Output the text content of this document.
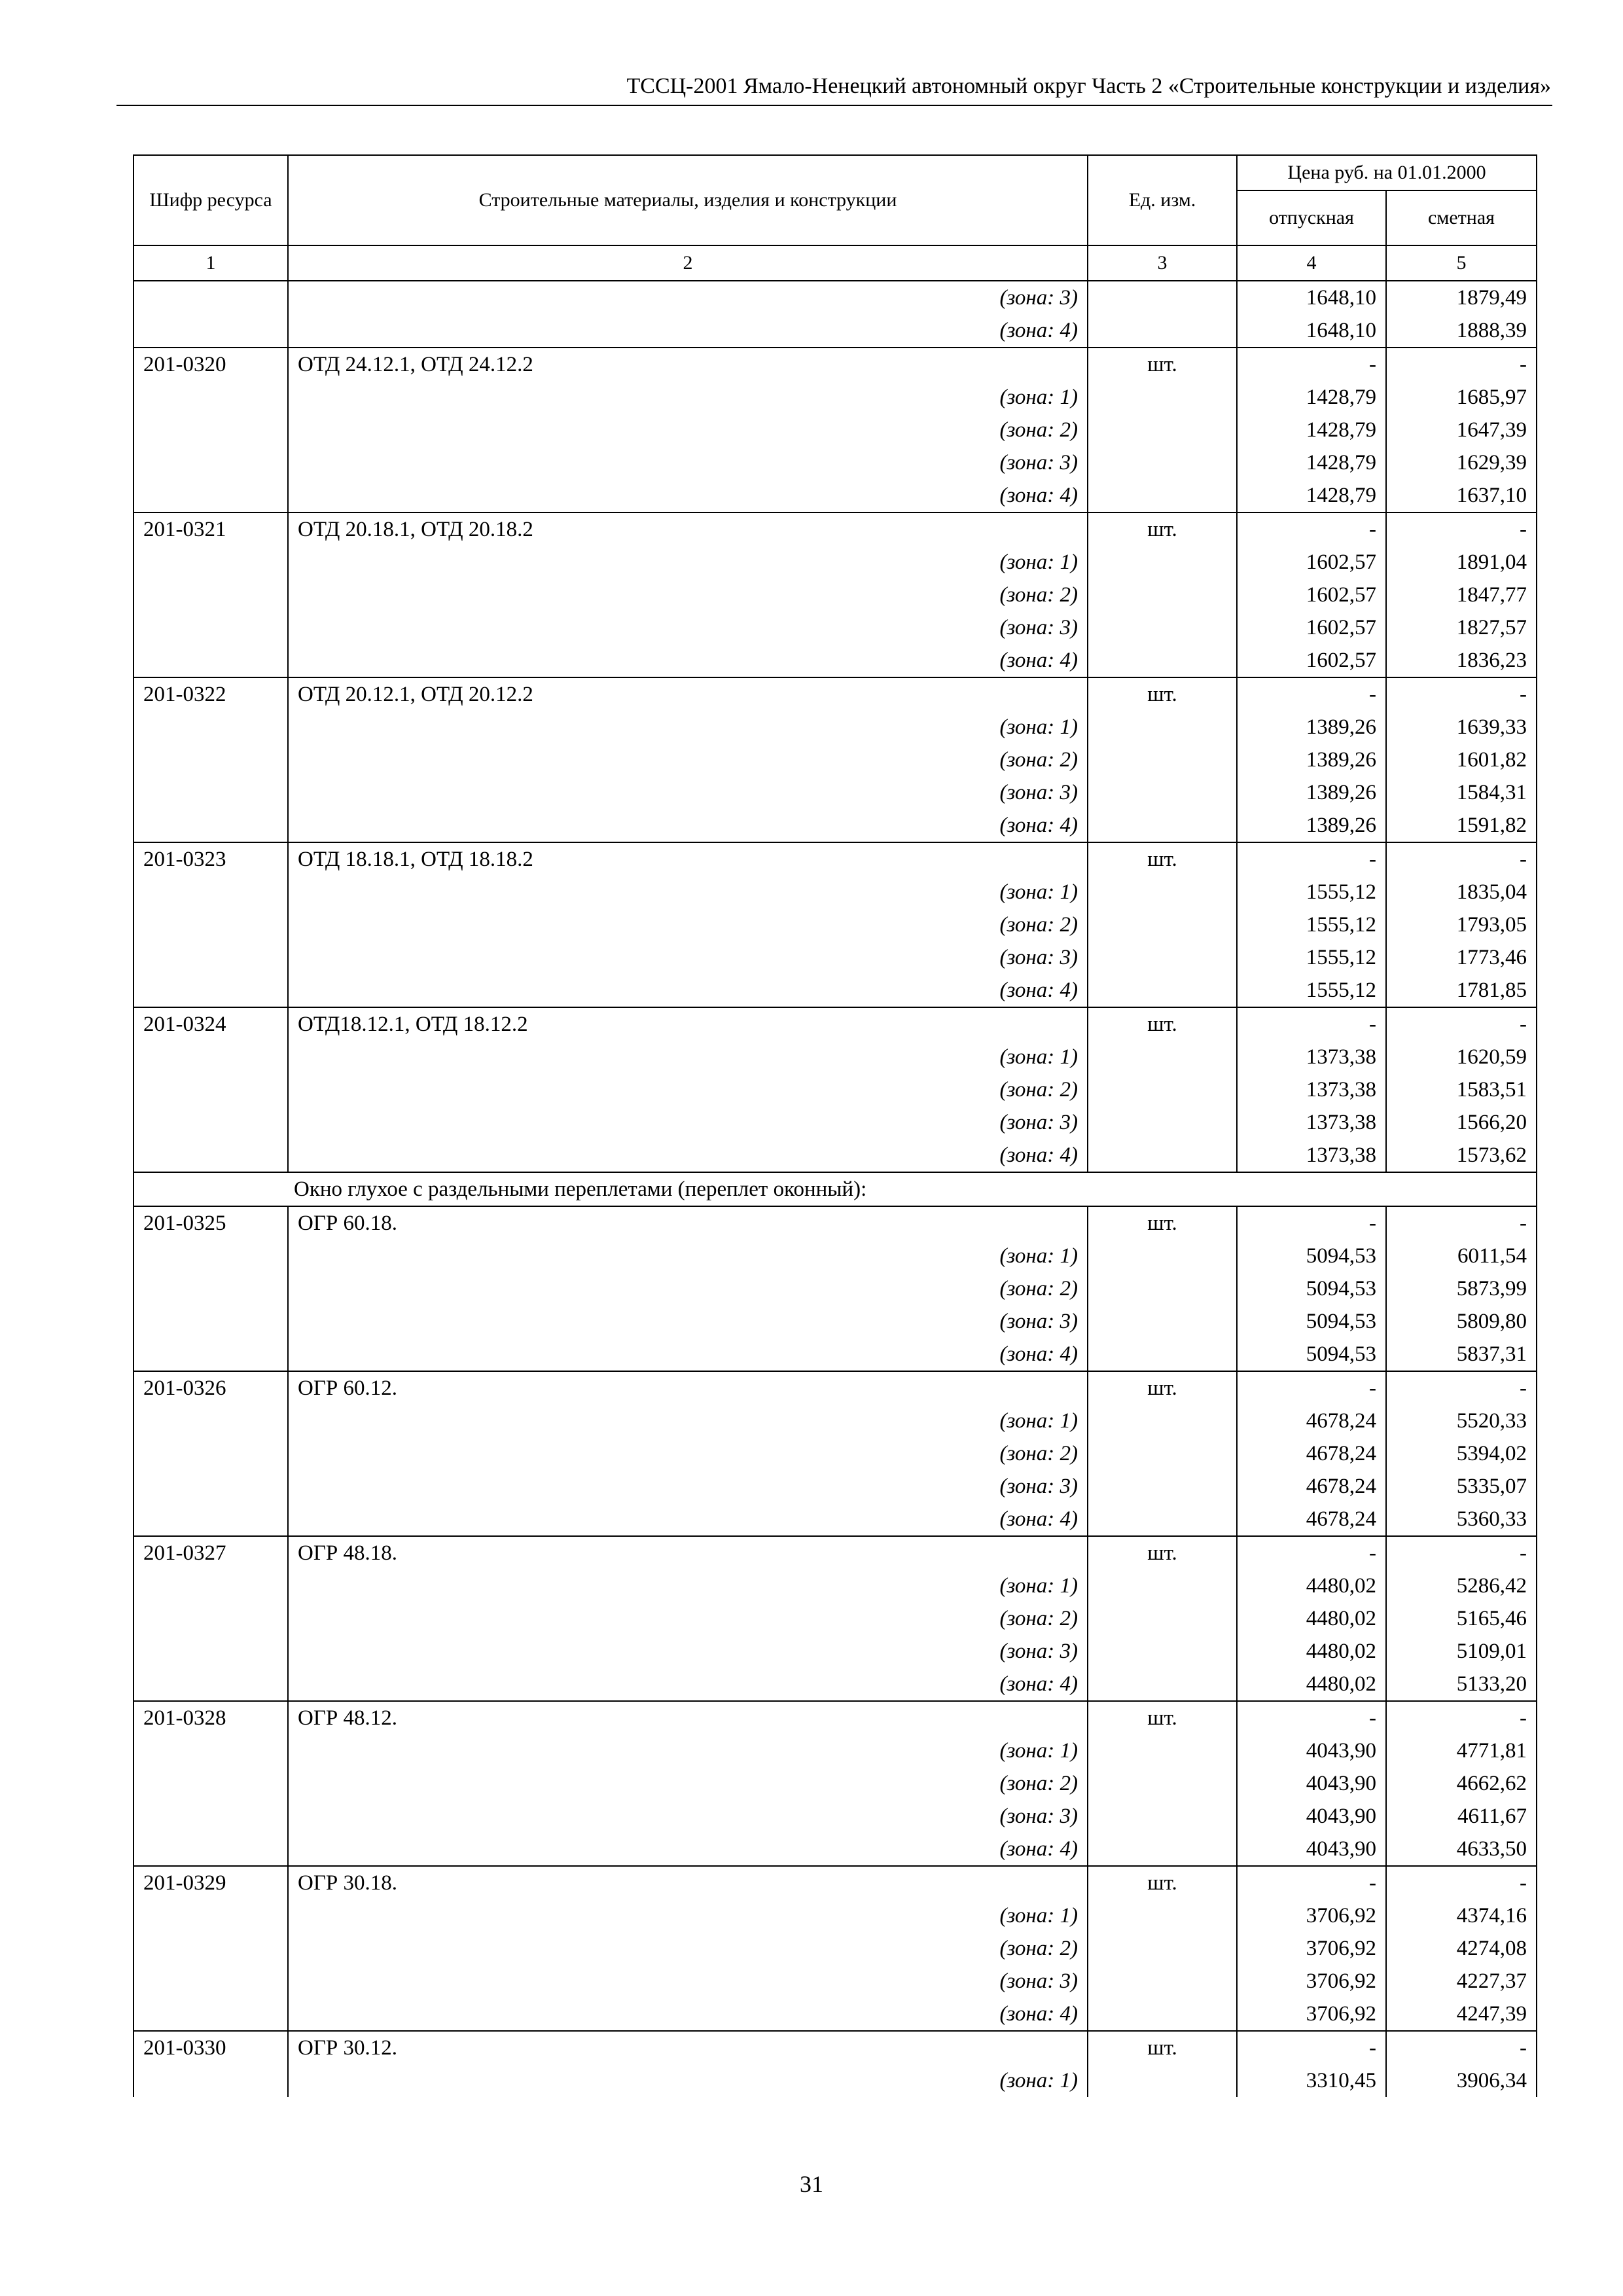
ТССЦ-2001 Ямало-Ненецкий автономный округ Часть 2 «Строительные конструкции и изделия»
Шифр ресурса	Строительные материалы, изделия и конструкции	Ед. изм.	Цена руб. на 01.01.2000	
			отпускная	сметная
1	2	3	4	5
	(зона: 3)		1648,10	1879,49
	(зона: 4)		1648,10	1888,39
201-0320	ОТД 24.12.1, ОТД 24.12.2	шт.	-	-
	(зона: 1)		1428,79	1685,97
	(зона: 2)		1428,79	1647,39
	(зона: 3)		1428,79	1629,39
	(зона: 4)		1428,79	1637,10
201-0321	ОТД 20.18.1, ОТД 20.18.2	шт.	-	-
	(зона: 1)		1602,57	1891,04
	(зона: 2)		1602,57	1847,77
	(зона: 3)		1602,57	1827,57
	(зона: 4)		1602,57	1836,23
201-0322	ОТД 20.12.1, ОТД 20.12.2	шт.	-	-
	(зона: 1)		1389,26	1639,33
	(зона: 2)		1389,26	1601,82
	(зона: 3)		1389,26	1584,31
	(зона: 4)		1389,26	1591,82
201-0323	ОТД 18.18.1, ОТД 18.18.2	шт.	-	-
	(зона: 1)		1555,12	1835,04
	(зона: 2)		1555,12	1793,05
	(зона: 3)		1555,12	1773,46
	(зона: 4)		1555,12	1781,85
201-0324	ОТД18.12.1, ОТД 18.12.2	шт.	-	-
	(зона: 1)		1373,38	1620,59
	(зона: 2)		1373,38	1583,51
	(зона: 3)		1373,38	1566,20
	(зона: 4)		1373,38	1573,62
Окно глухое с раздельными переплетами (переплет оконный):				
201-0325	ОГР 60.18.	шт.	-	-
	(зона: 1)		5094,53	6011,54
	(зона: 2)		5094,53	5873,99
	(зона: 3)		5094,53	5809,80
	(зона: 4)		5094,53	5837,31
201-0326	ОГР 60.12.	шт.	-	-
	(зона: 1)		4678,24	5520,33
	(зона: 2)		4678,24	5394,02
	(зона: 3)		4678,24	5335,07
	(зона: 4)		4678,24	5360,33
201-0327	ОГР 48.18.	шт.	-	-
	(зона: 1)		4480,02	5286,42
	(зона: 2)		4480,02	5165,46
	(зона: 3)		4480,02	5109,01
	(зона: 4)		4480,02	5133,20
201-0328	ОГР 48.12.	шт.	-	-
	(зона: 1)		4043,90	4771,81
	(зона: 2)		4043,90	4662,62
	(зона: 3)		4043,90	4611,67
	(зона: 4)		4043,90	4633,50
201-0329	ОГР 30.18.	шт.	-	-
	(зона: 1)		3706,92	4374,16
	(зона: 2)		3706,92	4274,08
	(зона: 3)		3706,92	4227,37
	(зона: 4)		3706,92	4247,39
201-0330	ОГР 30.12.	шт.	-	-
	(зона: 1)		3310,45	3906,34
31
